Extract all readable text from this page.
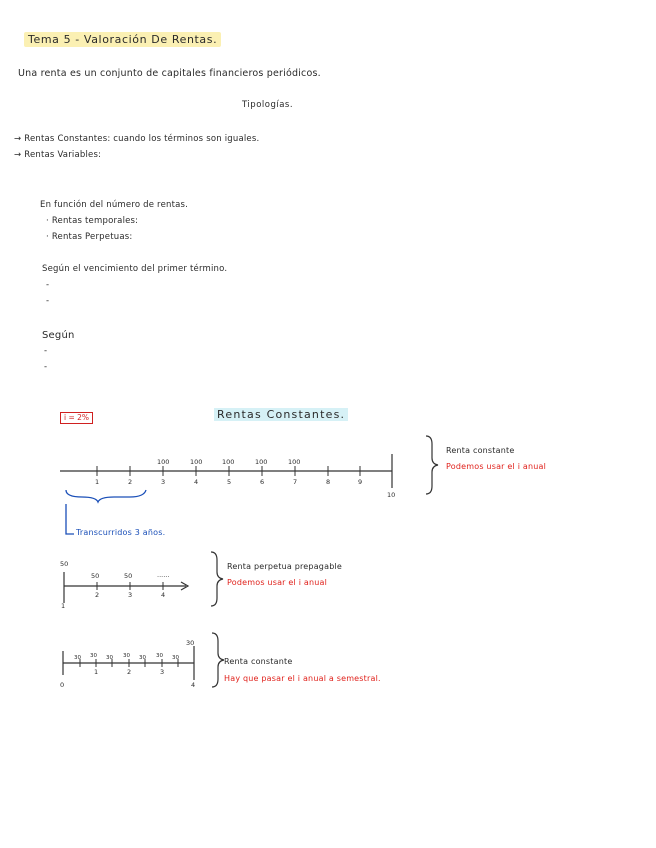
Tema 5 - Valoración De Rentas.
Una renta es un conjunto de capitales financieros periódicos.
Tipologías.
→ Rentas Constantes: cuando los términos son iguales.
→ Rentas Variables:
En función del número de rentas.
· Rentas temporales:
· Rentas Perpetuas:
Según el vencimiento del primer término.
-
-
Según
-
-
i = 2%	Rentas Constantes.
100	100	100	100	100
1	2	3	4	5	6	7	8	9
10
Renta constante
Podemos usar el i anual
Transcurridos 3 años.
50
50	50	......
1
2	3	4
Renta perpetua prepagable
Podemos usar el i anual
30
30 30 30 30 30 30 30
0
1	2	3
4
Renta constante
Hay que pasar el i anual a semestral.
